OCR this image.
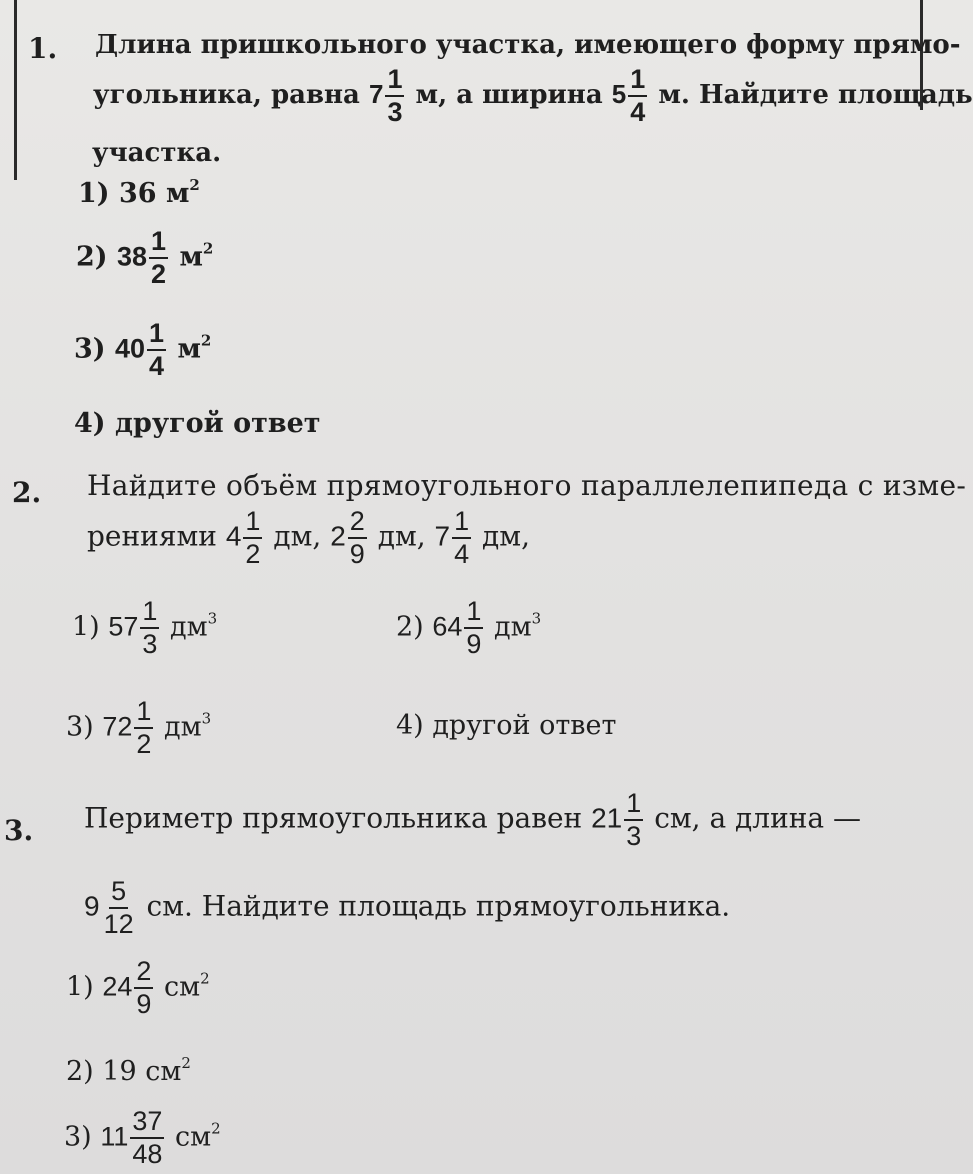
1. Длина пришкольного участка, имеющего форму прямо-
угольника, равна $7 \frac{1}{3} м$, а ширина $5 \frac{1}{4} м$. Найдите площадь
участка.
1) 36 $м^2$
2) $38 \frac{1}{2} м^2$
3) $40 \frac{1}{4} м^2$
4) другой ответ
2. Найдите объём прямоугольного параллелепипеда с изме-
рениями $4 \frac{1}{2}$ дм, $2 \frac{2}{9}$ дм, $7 \frac{1}{4}$ дм,
1) $57 \frac{1}{3} дм^3$	2) $64 \frac{1}{9} дм^3$
3) $72 \frac{1}{2} дм^3$	4) другой ответ
3. Периметр прямоугольника равен $21 \frac{1}{3}$ см, а длина —
$9 \frac{5}{12}$ см. Найдите площадь прямоугольника.
1) $24 \frac{2}{9} см^2$
2) 19 $см^2$
3) $11 \frac{37}{48} см^2$
